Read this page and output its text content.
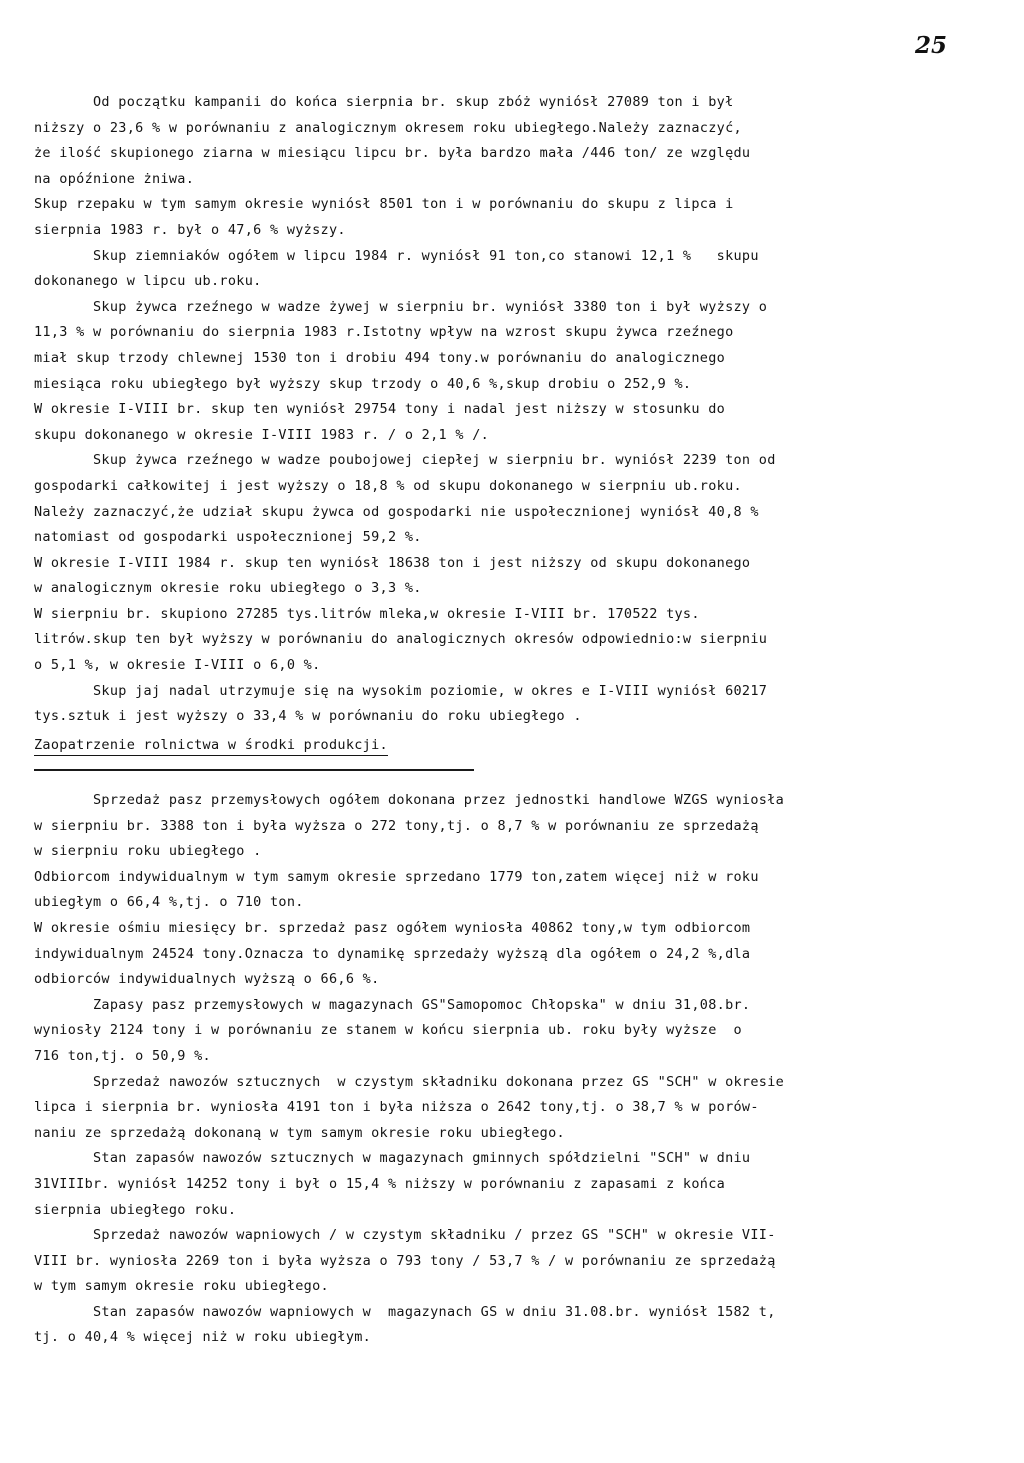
25
Od początku kampanii do końca sierpnia br. skup zbóż wyniósł 27089 ton i był
niższy o 23,6 % w porównaniu z analogicznym okresem roku ubiegłego.Należy zaznaczyć,
że ilość skupionego ziarna w miesiącu lipcu br. była bardzo mała /446 ton/ ze względu
na opóźnione żniwa.
Skup rzepaku w tym samym okresie wyniósł 8501 ton i w porównaniu do skupu z lipca i
sierpnia 1983 r. był o 47,6 % wyższy.
Skup ziemniaków ogółem w lipcu 1984 r. wyniósł 91 ton,co stanowi 12,1 %   skupu
dokonanego w lipcu ub.roku.
Skup żywca rzeźnego w wadze żywej w sierpniu br. wyniósł 3380 ton i był wyższy o
11,3 % w porównaniu do sierpnia 1983 r.Istotny wpływ na wzrost skupu żywca rzeźnego
miał skup trzody chlewnej 1530 ton i drobiu 494 tony.w porównaniu do analogicznego
miesiąca roku ubiegłego był wyższy skup trzody o 40,6 %,skup drobiu o 252,9 %.
W okresie I-VIII br. skup ten wyniósł 29754 tony i nadal jest niższy w stosunku do
skupu dokonanego w okresie I-VIII 1983 r. / o 2,1 % /.
Skup żywca rzeźnego w wadze poubojowej ciepłej w sierpniu br. wyniósł 2239 ton od
gospodarki całkowitej i jest wyższy o 18,8 % od skupu dokonanego w sierpniu ub.roku.
Należy zaznaczyć,że udział skupu żywca od gospodarki nie uspołecznionej wyniósł 40,8 %
natomiast od gospodarki uspołecznionej 59,2 %.
W okresie I-VIII 1984 r. skup ten wyniósł 18638 ton i jest niższy od skupu dokonanego
w analogicznym okresie roku ubiegłego o 3,3 %.
W sierpniu br. skupiono 27285 tys.litrów mleka,w okresie I-VIII br. 170522 tys.
litrów.skup ten był wyższy w porównaniu do analogicznych okresów odpowiednio:w sierpniu
o 5,1 %, w okresie I-VIII o 6,0 %.
Skup jaj nadal utrzymuje się na wysokim poziomie, w okres e I-VIII wyniósł 60217
tys.sztuk i jest wyższy o 33,4 % w porównaniu do roku ubiegłego .
Zaopatrzenie rolnictwa w środki produkcji.
Sprzedaż pasz przemysłowych ogółem dokonana przez jednostki handlowe WZGS wyniosła
w sierpniu br. 3388 ton i była wyższa o 272 tony,tj. o 8,7 % w porównaniu ze sprzedażą
w sierpniu roku ubiegłego .
Odbiorcom indywidualnym w tym samym okresie sprzedano 1779 ton,zatem więcej niż w roku
ubiegłym o 66,4 %,tj. o 710 ton.
W okresie ośmiu miesięcy br. sprzedaż pasz ogółem wyniosła 40862 tony,w tym odbiorcom
indywidualnym 24524 tony.Oznacza to dynamikę sprzedaży wyższą dla ogółem o 24,2 %,dla
odbiorców indywidualnych wyższą o 66,6 %.
Zapasy pasz przemysłowych w magazynach GS"Samopomoc Chłopska" w dniu 31,08.br.
wyniosły 2124 tony i w porównaniu ze stanem w końcu sierpnia ub. roku były wyższe  o
716 ton,tj. o 50,9 %.
Sprzedaż nawozów sztucznych  w czystym składniku dokonana przez GS "SCH" w okresie
lipca i sierpnia br. wyniosła 4191 ton i była niższa o 2642 tony,tj. o 38,7 % w porów-
naniu ze sprzedażą dokonaną w tym samym okresie roku ubiegłego.
Stan zapasów nawozów sztucznych w magazynach gminnych spółdzielni "SCH" w dniu
31VIIIbr. wyniósł 14252 tony i był o 15,4 % niższy w porównaniu z zapasami z końca
sierpnia ubiegłego roku.
Sprzedaż nawozów wapniowych / w czystym składniku / przez GS "SCH" w okresie VII-
VIII br. wyniosła 2269 ton i była wyższa o 793 tony / 53,7 % / w porównaniu ze sprzedażą
w tym samym okresie roku ubiegłego.
Stan zapasów nawozów wapniowych w  magazynach GS w dniu 31.08.br. wyniósł 1582 t,
tj. o 40,4 % więcej niż w roku ubiegłym.
